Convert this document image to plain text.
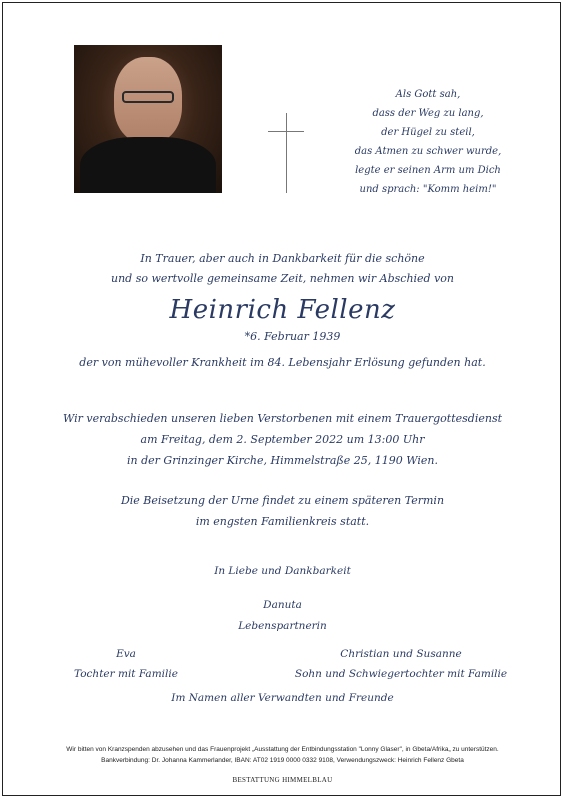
Als Gott sah,
dass der Weg zu lang,
der Hügel zu steil,
das Atmen zu schwer wurde,
legte er seinen Arm um Dich
und sprach: "Komm heim!"
In Trauer, aber auch in Dankbarkeit für die schöne
und so wertvolle gemeinsame Zeit, nehmen wir Abschied von
Heinrich Fellenz
*6. Februar 1939
der von mühevoller Krankheit im 84. Lebensjahr Erlösung gefunden hat.
Wir verabschieden unseren lieben Verstorbenen mit einem Trauergottesdienst
am Freitag, dem 2. September 2022 um 13:00 Uhr
in der Grinzinger Kirche, Himmelstraße 25, 1190 Wien.
Die Beisetzung der Urne findet zu einem späteren Termin
im engsten Familienkreis statt.
In Liebe und Dankbarkeit
Danuta
Lebenspartnerin
Eva
Tochter mit Familie
Christian und Susanne
Sohn und Schwiegertochter mit Familie
Im Namen aller Verwandten und Freunde
Wir bitten von Kranzspenden abzusehen und das Frauenprojekt „Ausstattung der Entbindungsstation "Lonny Glaser", in Gbeta/Afrika„ zu unterstützen.
Bankverbindung: Dr. Johanna Kammerlander, IBAN: AT02 1919 0000 0332 9108, Verwendungszweck: Heinrich Fellenz Gbeta
BESTATTUNG HIMMELBLAU
